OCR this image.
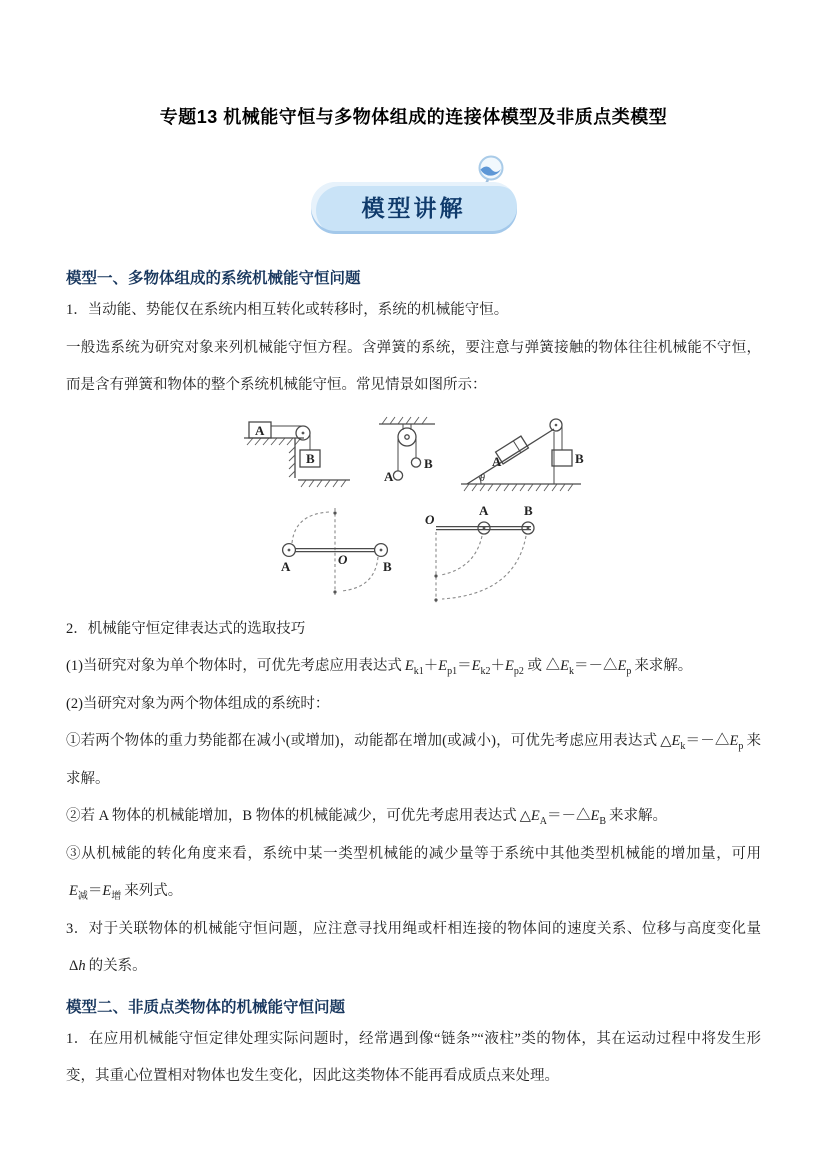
专题13 机械能守恒与多物体组成的连接体模型及非质点类模型
模型讲解
模型一、多物体组成的系统机械能守恒问题

1．当动能、势能仅在系统内相互转化或转移时，系统的机械能守恒。

一般选系统为研究对象来列机械能守恒方程。含弹簧的系统，要注意与弹簧接触的物体往往机械能不守恒，而是含有弹簧和物体的整个系统机械能守恒。常见情景如图所示：

A
B
A
B	A	B
θ
A	O	B
O
A	B

2．机械能守恒定律表达式的选取技巧

(1)当研究对象为单个物体时，可优先考虑应用表达式 $E_{k1}+E_{p1}=E_{k2}+E_{p2}$ 或 $\triangle E_k=-\triangle E_p$ 来求解。

(2)当研究对象为两个物体组成的系统时：

①若两个物体的重力势能都在减小(或增加)，动能都在增加(或减小)，可优先考虑应用表达式 $\triangle E_k=-\triangle E_p$ 来求解。

②若 A 物体的机械能增加，B 物体的机械能减少，可优先考虑用表达式 $\triangle E_A=-\triangle E_B$ 来求解。

③从机械能的转化角度来看，系统中某一类型机械能的减少量等于系统中其他类型机械能的增加量，可用$E_减=E_增$ 来列式。

3．对于关联物体的机械能守恒问题，应注意寻找用绳或杆相连接的物体间的速度关系、位移与高度变化量Δh 的关系。

模型二、非质点类物体的机械能守恒问题

1．在应用机械能守恒定律处理实际问题时，经常遇到像“链条”“液柱”类的物体，其在运动过程中将发生形变，其重心位置相对物体也发生变化，因此这类物体不能再看成质点来处理。
